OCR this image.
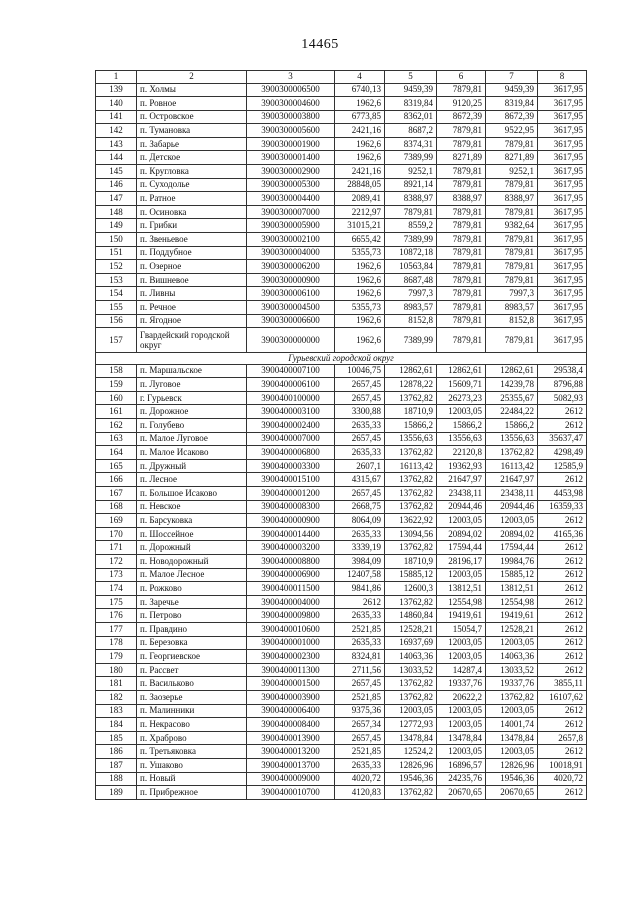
14465
1	2	3	4	5	6	7	8
139	п. Холмы	3900300006500	6740,13	9459,39	7879,81	9459,39	3617,95
140	п. Ровное	3900300004600	1962,6	8319,84	9120,25	8319,84	3617,95
141	п. Островское	3900300003800	6773,85	8362,01	8672,39	8672,39	3617,95
142	п. Тумановка	3900300005600	2421,16	8687,2	7879,81	9522,95	3617,95
143	п. Забарье	3900300001900	1962,6	8374,31	7879,81	7879,81	3617,95
144	п. Детское	3900300001400	1962,6	7389,99	8271,89	8271,89	3617,95
145	п. Кругловка	3900300002900	2421,16	9252,1	7879,81	9252,1	3617,95
146	п. Суходолье	3900300005300	28848,05	8921,14	7879,81	7879,81	3617,95
147	п. Ратное	3900300004400	2089,41	8388,97	8388,97	8388,97	3617,95
148	п. Осиновка	3900300007000	2212,97	7879,81	7879,81	7879,81	3617,95
149	п. Грибки	3900300005900	31015,21	8559,2	7879,81	9382,64	3617,95
150	п. Звеньевое	3900300002100	6655,42	7389,99	7879,81	7879,81	3617,95
151	п. Поддубное	3900300004000	5355,73	10872,18	7879,81	7879,81	3617,95
152	п. Озерное	3900300006200	1962,6	10563,84	7879,81	7879,81	3617,95
153	п. Вишневое	3900300000900	1962,6	8687,48	7879,81	7879,81	3617,95
154	п. Ливны	3900300006100	1962,6	7997,3	7879,81	7997,3	3617,95
155	п. Речное	3900300004500	5355,73	8983,57	7879,81	8983,57	3617,95
156	п. Ягодное	3900300006600	1962,6	8152,8	7879,81	8152,8	3617,95
157	Гвардейский городской округ	3900300000000	1962,6	7389,99	7879,81	7879,81	3617,95
Гурьевский городской округ							
158	п. Маршальское	3900400007100	10046,75	12862,61	12862,61	12862,61	29538,4
159	п. Луговое	3900400006100	2657,45	12878,22	15609,71	14239,78	8796,88
160	г. Гурьевск	3900400100000	2657,45	13762,82	26273,23	25355,67	5082,93
161	п. Дорожное	3900400003100	3300,88	18710,9	12003,05	22484,22	2612
162	п. Голубево	3900400002400	2635,33	15866,2	15866,2	15866,2	2612
163	п. Малое Луговое	3900400007000	2657,45	13556,63	13556,63	13556,63	35637,47
164	п. Малое Исаково	3900400006800	2635,33	13762,82	22120,8	13762,82	4298,49
165	п. Дружный	3900400003300	2607,1	16113,42	19362,93	16113,42	12585,9
166	п. Лесное	3900400015100	4315,67	13762,82	21647,97	21647,97	2612
167	п. Большое Исаково	3900400001200	2657,45	13762,82	23438,11	23438,11	4453,98
168	п. Невское	3900400008300	2668,75	13762,82	20944,46	20944,46	16359,33
169	п. Барсуковка	3900400000900	8064,09	13622,92	12003,05	12003,05	2612
170	п. Шоссейное	3900400014400	2635,33	13094,56	20894,02	20894,02	4165,36
171	п. Дорожный	3900400003200	3339,19	13762,82	17594,44	17594,44	2612
172	п. Новодорожный	3900400008800	3984,09	18710,9	28196,17	19984,76	2612
173	п. Малое Лесное	3900400006900	12407,58	15885,12	12003,05	15885,12	2612
174	п. Рожково	3900400011500	9841,86	12600,3	13812,51	13812,51	2612
175	п. Заречье	3900400004000	2612	13762,82	12554,98	12554,98	2612
176	п. Петрово	3900400009800	2635,33	14860,84	19419,61	19419,61	2612
177	п. Правдино	3900400010600	2521,85	12528,21	15054,7	12528,21	2612
178	п. Березовка	3900400001000	2635,33	16937,69	12003,05	12003,05	2612
179	п. Георгиевское	3900400002300	8324,81	14063,36	12003,05	14063,36	2612
180	п. Рассвет	3900400011300	2711,56	13033,52	14287,4	13033,52	2612
181	п. Васильково	3900400001500	2657,45	13762,82	19337,76	19337,76	3855,11
182	п. Заозерье	3900400003900	2521,85	13762,82	20622,2	13762,82	16107,62
183	п. Малинники	3900400006400	9375,36	12003,05	12003,05	12003,05	2612
184	п. Некрасово	3900400008400	2657,34	12772,93	12003,05	14001,74	2612
185	п. Храброво	3900400013900	2657,45	13478,84	13478,84	13478,84	2657,8
186	п. Третьяковка	3900400013200	2521,85	12524,2	12003,05	12003,05	2612
187	п. Ушаково	3900400013700	2635,33	12826,96	16896,57	12826,96	10018,91
188	п. Новый	3900400009000	4020,72	19546,36	24235,76	19546,36	4020,72
189	п. Прибрежное	3900400010700	4120,83	13762,82	20670,65	20670,65	2612
